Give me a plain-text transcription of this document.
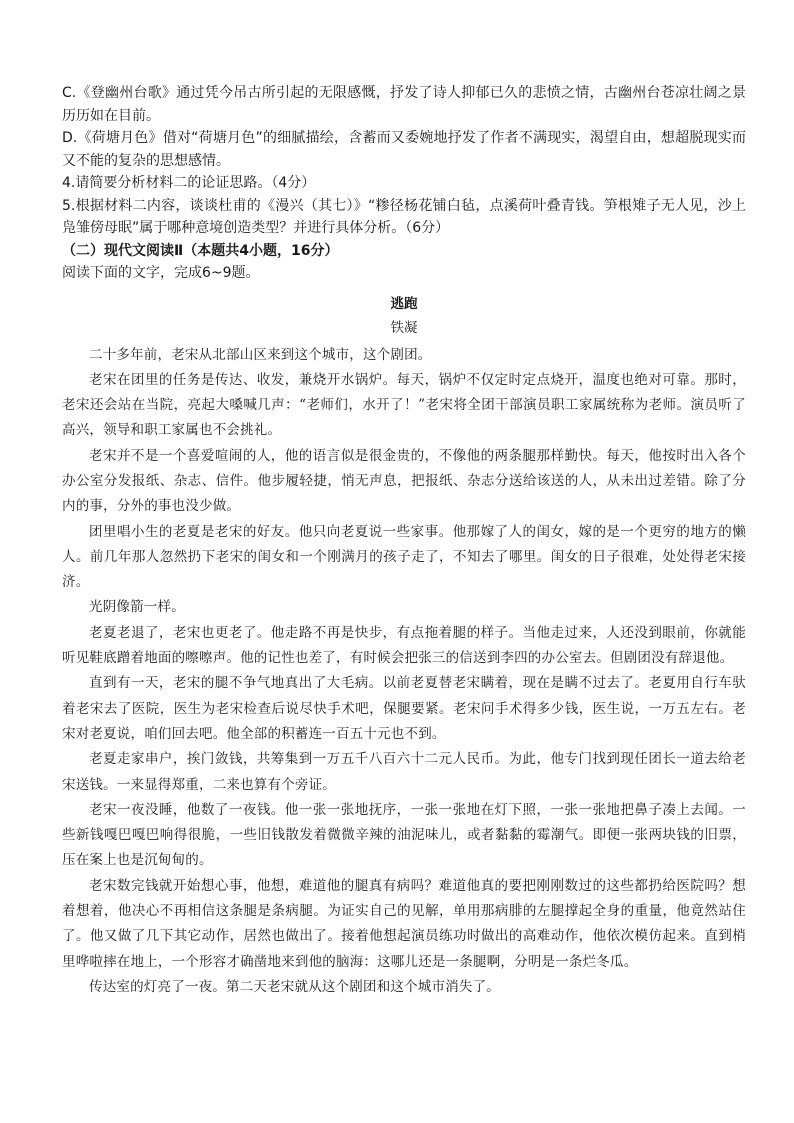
C.《登幽州台歌》通过凭今吊古所引起的无限感慨，抒发了诗人抑郁已久的悲愤之情，古幽州台苍凉壮阔之景历历如在目前。

D.《荷塘月色》借对“荷塘月色”的细腻描绘，含蓄而又委婉地抒发了作者不满现实，渴望自由，想超脱现实而又不能的复杂的思想感情。

4.请简要分析材料二的论证思路。（4分）

5.根据材料二内容，谈谈杜甫的《漫兴（其七）》“糁径杨花铺白毡，点溪荷叶叠青钱。笋根雉子无人见，沙上凫雏傍母眠”属于哪种意境创造类型？并进行具体分析。（6分）

（二）现代文阅读Ⅱ（本题共4小题，16分）

阅读下面的文字，完成6~9题。

逃跑

铁凝

二十多年前，老宋从北部山区来到这个城市，这个剧团。

老宋在团里的任务是传达、收发，兼烧开水锅炉。每天，锅炉不仅定时定点烧开，温度也绝对可靠。那时，老宋还会站在当院，亮起大嗓喊几声：“老师们，水开了！”老宋将全团干部演员职工家属统称为老师。演员听了高兴，领导和职工家属也不会挑礼。

老宋并不是一个喜爱喧闹的人，他的语言似是很金贵的，不像他的两条腿那样勤快。每天，他按时出入各个办公室分发报纸、杂志、信件。他步履轻捷，悄无声息，把报纸、杂志分送给该送的人，从未出过差错。除了分内的事，分外的事也没少做。

团里唱小生的老夏是老宋的好友。他只向老夏说一些家事。他那嫁了人的闺女，嫁的是一个更穷的地方的懒人。前几年那人忽然扔下老宋的闺女和一个刚满月的孩子走了，不知去了哪里。闺女的日子很难，处处得老宋接济。

光阴像箭一样。

老夏老退了，老宋也更老了。他走路不再是快步，有点拖着腿的样子。当他走过来，人还没到眼前，你就能听见鞋底蹭着地面的嚓嚓声。他的记性也差了，有时候会把张三的信送到李四的办公室去。但剧团没有辞退他。

直到有一天，老宋的腿不争气地真出了大毛病。以前老夏替老宋瞒着，现在是瞒不过去了。老夏用自行车驮着老宋去了医院，医生为老宋检查后说尽快手术吧，保腿要紧。老宋问手术得多少钱，医生说，一万五左右。老宋对老夏说，咱们回去吧。他全部的积蓄连一百五十元也不到。

老夏走家串户，挨门敛钱，共筹集到一万五千八百六十二元人民币。为此，他专门找到现任团长一道去给老宋送钱。一来显得郑重，二来也算有个旁证。

老宋一夜没睡，他数了一夜钱。他一张一张地抚序，一张一张地在灯下照，一张一张地把鼻子凑上去闻。一些新钱嘎巴嘎巴响得很脆，一些旧钱散发着微微辛辣的油泥味儿，或者黏黏的霉潮气。即便一张两块钱的旧票，压在案上也是沉甸甸的。

老宋数完钱就开始想心事，他想，难道他的腿真有病吗？难道他真的要把刚刚数过的这些都扔给医院吗？想着想着，他决心不再相信这条腿是条病腿。为证实自己的见解，单用那病腓的左腿撑起全身的重量，他竟然站住了。他又做了几下其它动作，居然也做出了。接着他想起演员练功时做出的高难动作，他依次模仿起来。直到梢里哗啦摔在地上，一个形容才确凿地来到他的脑海：这哪儿还是一条腿啊，分明是一条烂冬瓜。

传达室的灯亮了一夜。第二天老宋就从这个剧团和这个城市消失了。
